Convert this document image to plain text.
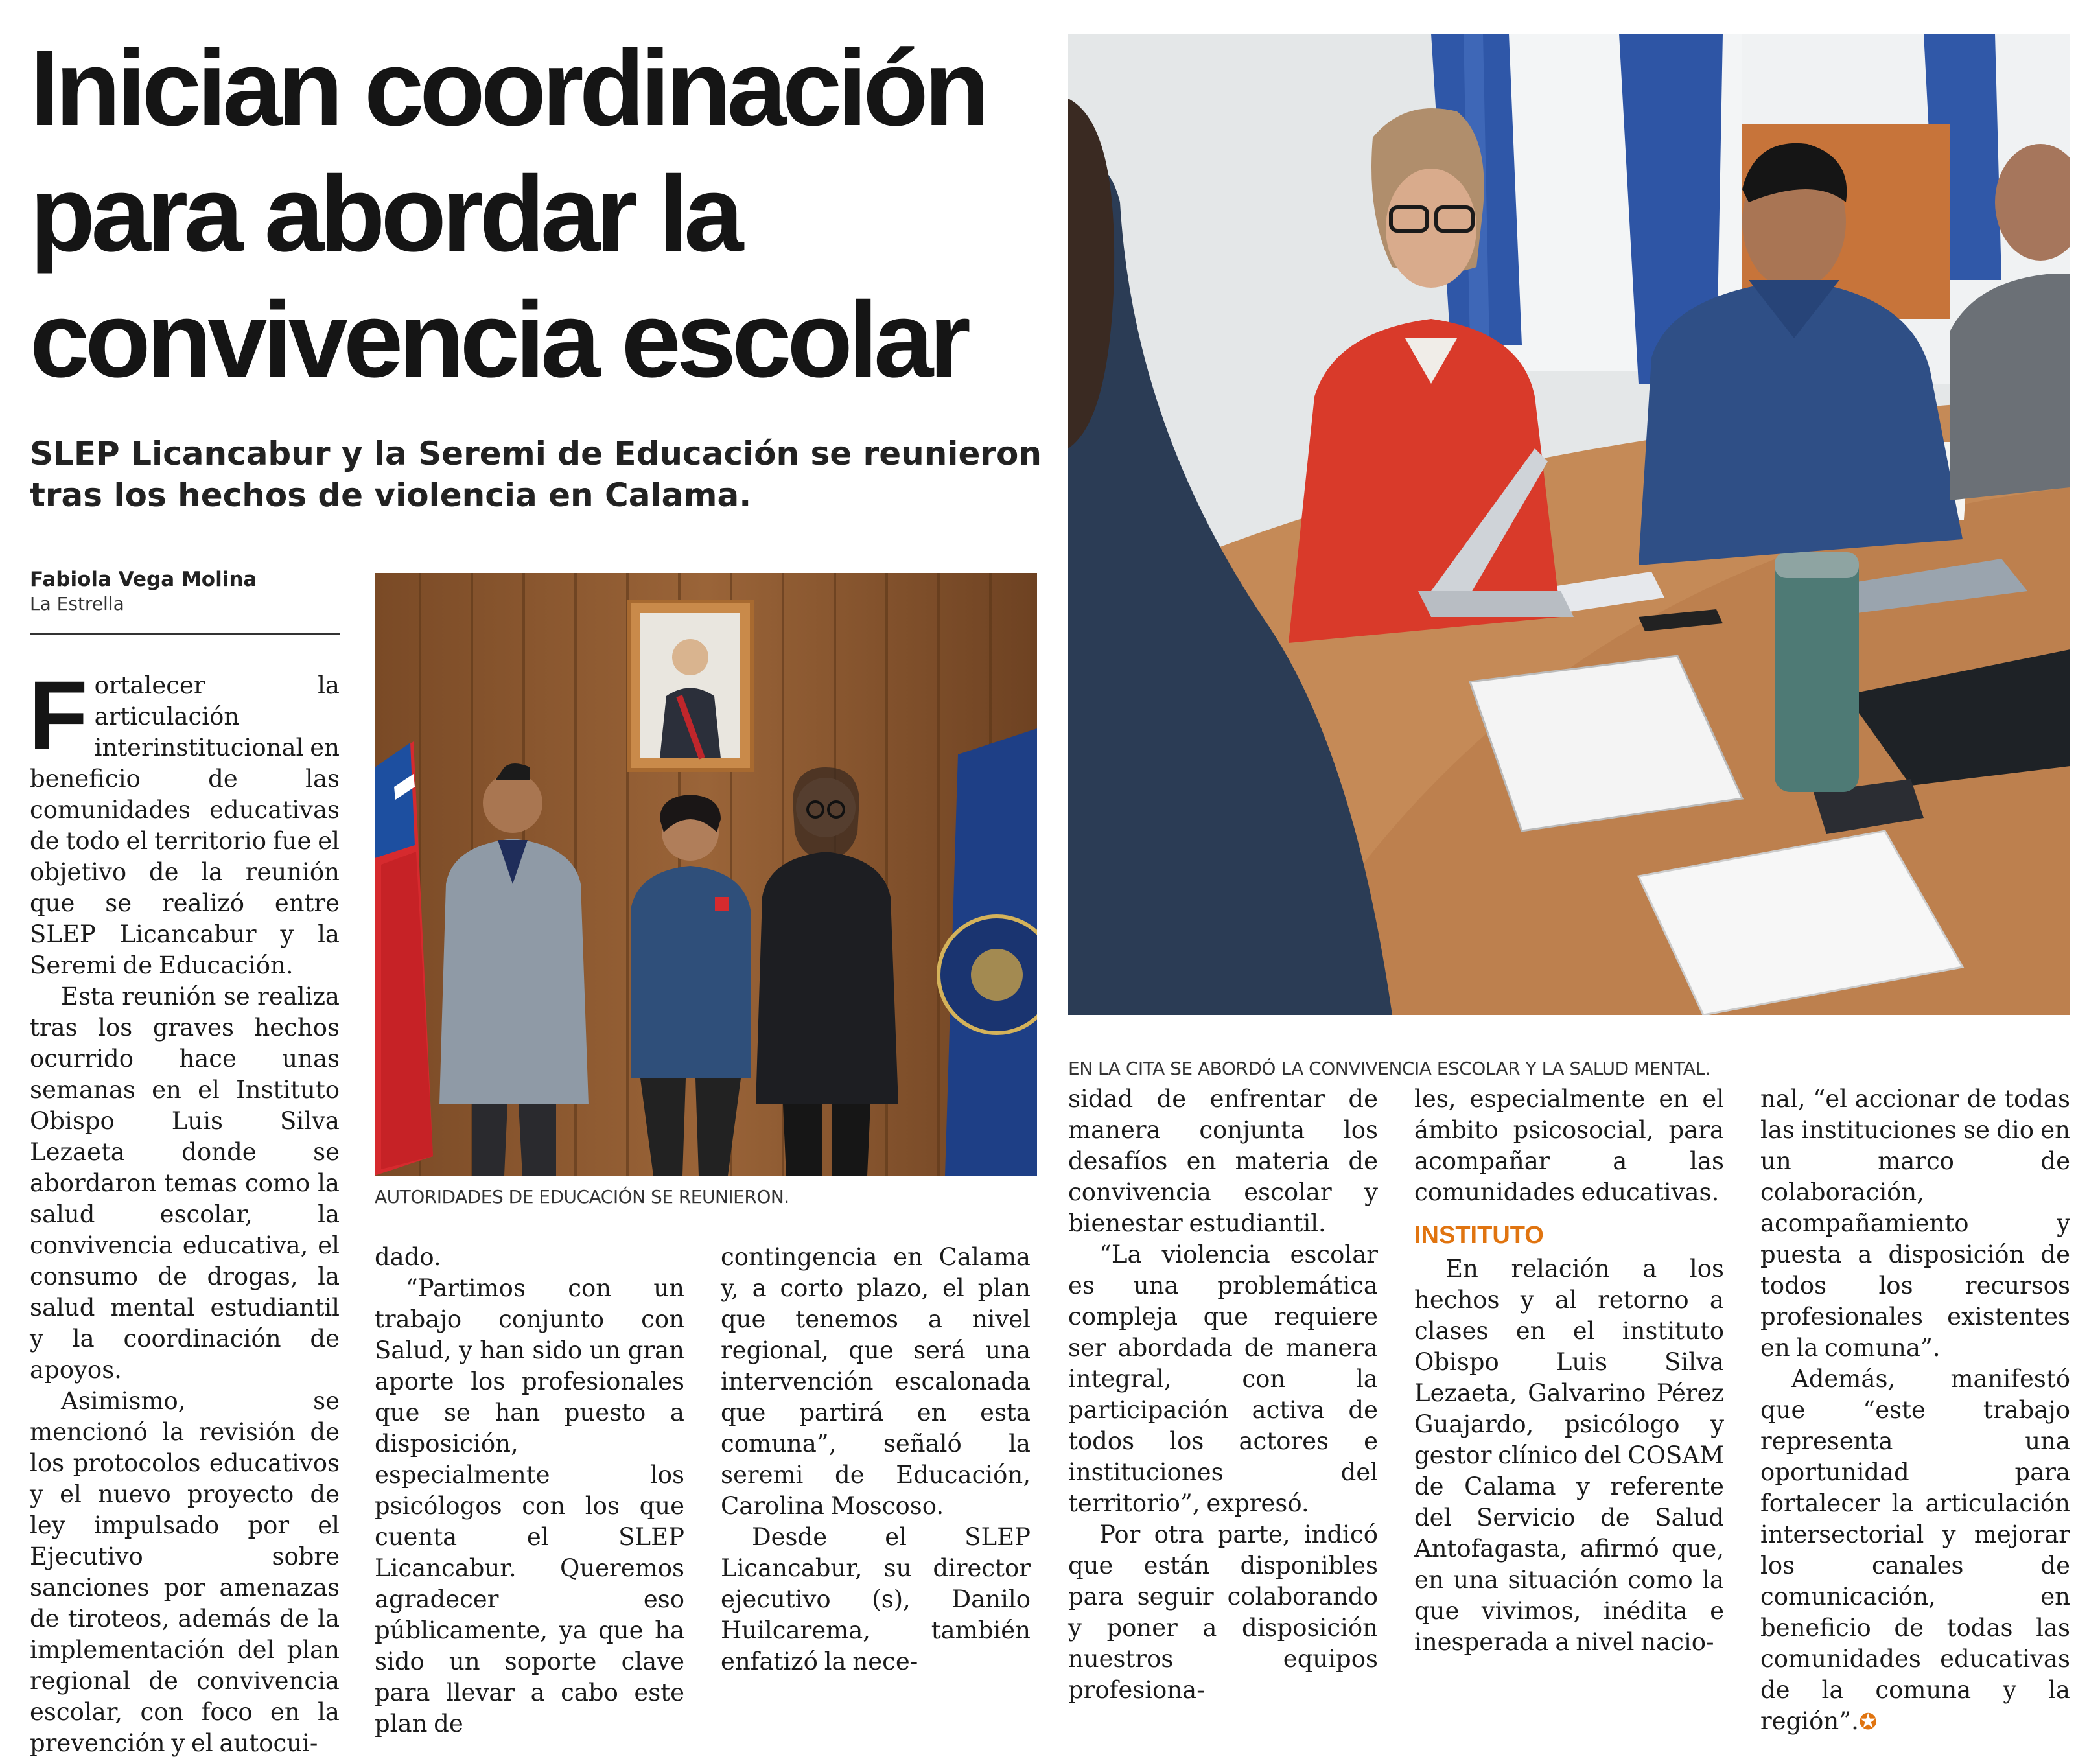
Inician coordinación
para abordar la
convivencia escolar
SLEP Licancabur y la Seremi de Educación se reunieron
tras los hechos de violencia en Calama.
Fabiola Vega Molina
La Estrella

Fortalecer la articulación interinstitucional en beneficio de las comunidades educativas de todo el territorio fue el objetivo de la reunión que se realizó entre SLEP Licancabur y la Seremi de Educación.

Esta reunión se realiza tras los graves hechos ocurrido hace unas semanas en el Instituto Obispo Luis Silva Lezaeta donde se abordaron temas como la salud escolar, la convivencia educativa, el consumo de drogas, la salud mental estudiantil y la coordinación de apoyos.

Asimismo, se mencionó la revisión de los protocolos educativos y el nuevo proyecto de ley impulsado por el Ejecutivo sobre sanciones por amenazas de tiroteos, además de la implementación del plan regional de convivencia escolar, con foco en la prevención y el autocui-

AUTORIDADES DE EDUCACIÓN SE REUNIERON.
EN LA CITA SE ABORDÓ LA CONVIVENCIA ESCOLAR Y LA SALUD MENTAL.

dado.

“Partimos con un trabajo conjunto con Salud, y han sido un gran aporte los profesionales que se han puesto a disposición, especialmente los psicólogos con los que cuenta el SLEP Licancabur. Queremos agradecer eso públicamente, ya que ha sido un soporte clave para llevar a cabo este plan de

contingencia en Calama y, a corto plazo, el plan que tenemos a nivel regional, que será una intervención escalonada que partirá en esta comuna”, señaló la seremi de Educación, Carolina Moscoso.

Desde el SLEP Licancabur, su director ejecutivo (s), Danilo Huilcarema, también enfatizó la nece-

sidad de enfrentar de manera conjunta los desafíos en materia de convivencia escolar y bienestar estudiantil.

“La violencia escolar es una problemática compleja que requiere ser abordada de manera integral, con la participación activa de todos los actores e instituciones del territorio”, expresó.

Por otra parte, indicó que están disponibles para seguir colaborando y poner a disposición nuestros equipos profesiona-

les, especialmente en el ámbito psicosocial, para acompañar a las comunidades educativas.

INSTITUTO

En relación a los hechos y al retorno a clases en el instituto Obispo Luis Silva Lezaeta, Galvarino Pérez Guajardo, psicólogo y gestor clínico del COSAM de Calama y referente del Servicio de Salud Antofagasta, afirmó que, en una situación como la que vivimos, inédita e inesperada a nivel nacio-

nal, “el accionar de todas las instituciones se dio en un marco de colaboración, acompañamiento y puesta a disposición de todos los recursos profesionales existentes en la comuna”.

Además, manifestó que “este trabajo representa una oportunidad para fortalecer la articulación intersectorial y mejorar los canales de comunicación, en beneficio de todas las comunidades educativas de la comuna y la región”.✪
